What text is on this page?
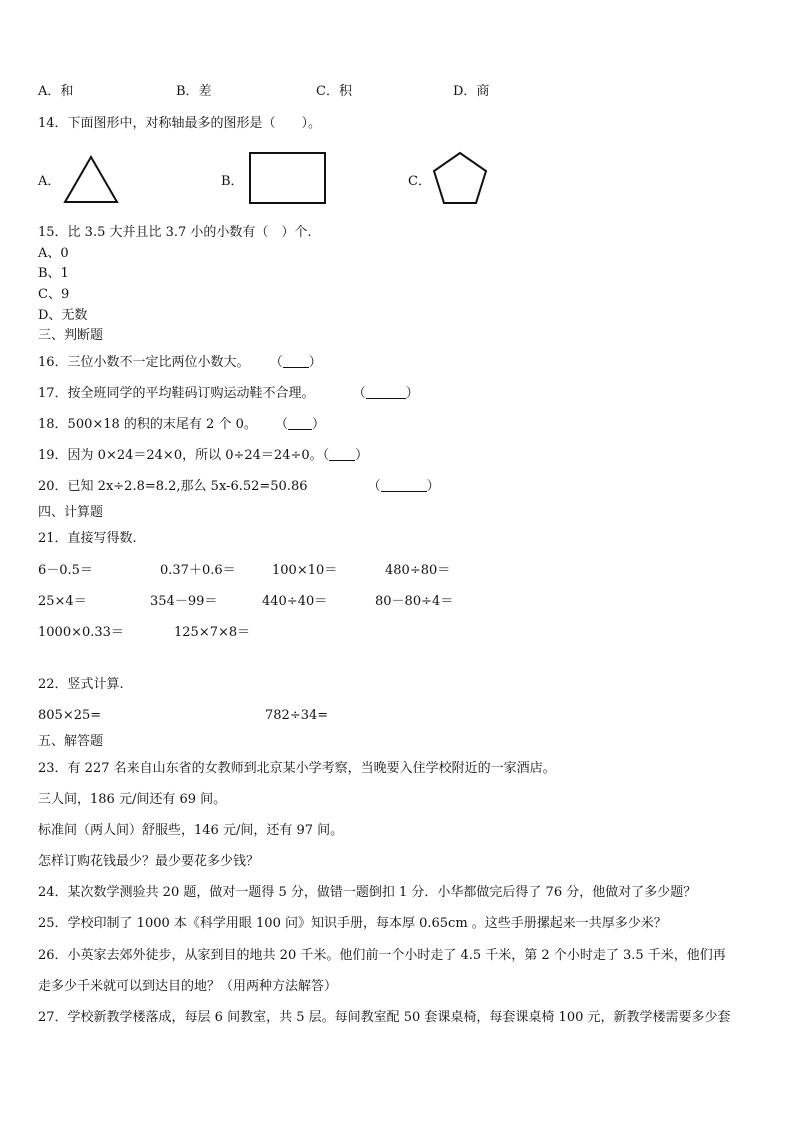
A．和	B．差	C．积	D．商
14．下面图形中，对称轴最多的图形是（　　）。
A．	B．	C．
15．比 3.5 大并且比 3.7 小的小数有（　）个.
A、0
B、1
C、9
D、无数
三、判断题
16．三位小数不一定比两位小数大。 （ ）
17．按全班同学的平均鞋码订购运动鞋不合理。	（	）
18．500×18 的积的末尾有 2 个 0。 （ ）
19．因为 0×24＝24×0，所以 0÷24＝24÷0。（ ）
20．已知 2x÷2.8=8.2,那么 5x-6.52=50.86	（	）
四、计算题
21．直接写得数.
6－0.5＝	0.37＋0.6＝	100×10＝	480÷80＝
25×4＝	354－99＝	440÷40＝	80－80÷4＝
1000×0.33＝	125×7×8＝
22．竖式计算.
805×25=	782÷34=
五、解答题
23．有 227 名来自山东省的女教师到北京某小学考察，当晚要入住学校附近的一家酒店。
三人间，186 元/间还有 69 间。
标准间（两人间）舒服些，146 元/间，还有 97 间。
怎样订购花钱最少？最少要花多少钱？
24．某次数学测验共 20 题，做对一题得 5 分，做错一题倒扣 1 分．小华都做完后得了 76 分，他做对了多少题？
25．学校印制了 1000 本《科学用眼 100 问》知识手册，每本厚 0.65cm 。这些手册摞起来一共厚多少米？
26．小英家去郊外徒步，从家到目的地共 20 千米。他们前一个小时走了 4.5 千米，第 2 个小时走了 3.5 千米，他们再
走多少千米就可以到达目的地？（用两种方法解答）
27．学校新教学楼落成，每层 6 间教室，共 5 层。每间教室配 50 套课桌椅，每套课桌椅 100 元，新教学楼需要多少套
